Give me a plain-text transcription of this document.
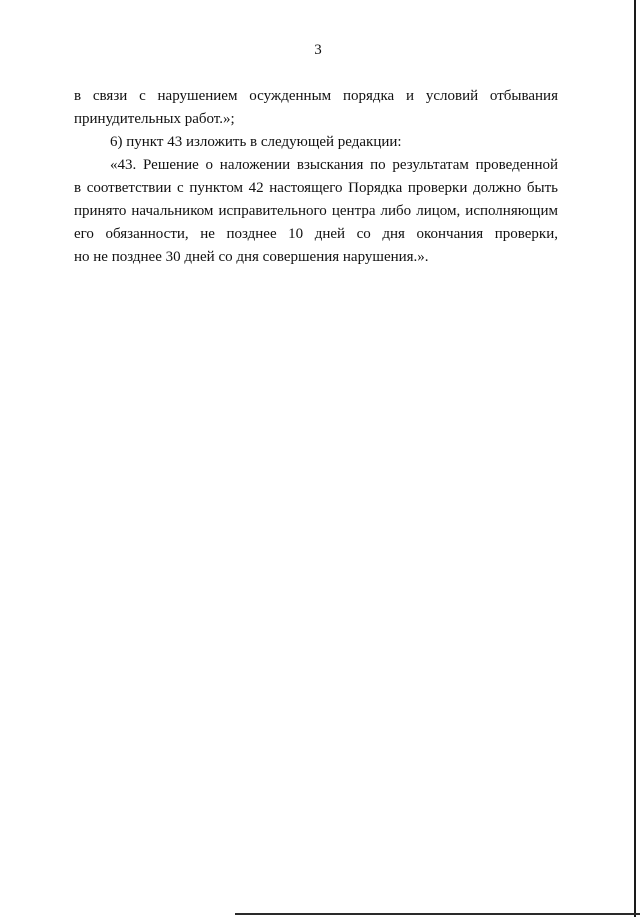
3

в связи с нарушением осужденным порядка и условий отбывания
принудительных работ.»;

6) пункт 43 изложить в следующей редакции:

«43. Решение о наложении взыскания по результатам проведенной
в соответствии с пунктом 42 настоящего Порядка проверки должно быть
принято начальником исправительного центра либо лицом, исполняющим
его обязанности, не позднее 10 дней со дня окончания проверки,
но не позднее 30 дней со дня совершения нарушения.».
